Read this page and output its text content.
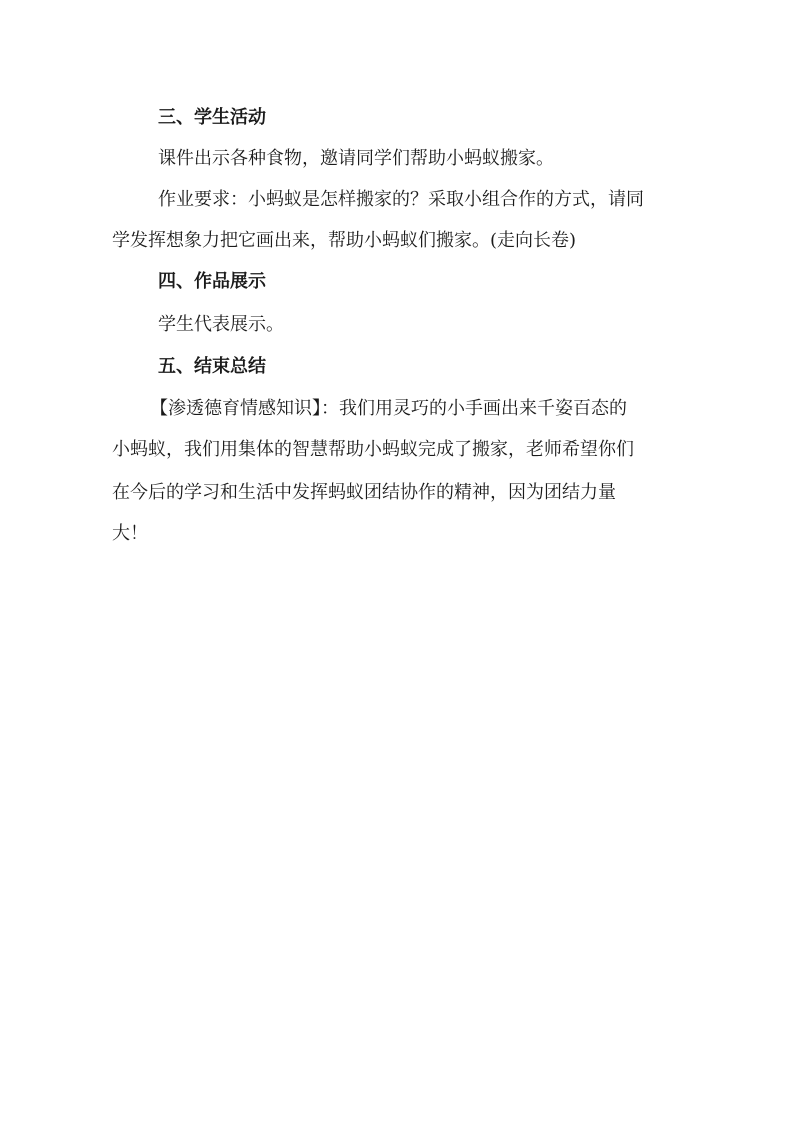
三、学生活动
课件出示各种食物，邀请同学们帮助小蚂蚁搬家。
作业要求：小蚂蚁是怎样搬家的？采取小组合作的方式，请同
学发挥想象力把它画出来，帮助小蚂蚁们搬家。(走向长卷)
四、作品展示
学生代表展示。
五、结束总结
【渗透德育情感知识】：我们用灵巧的小手画出来千姿百态的
小蚂蚁，我们用集体的智慧帮助小蚂蚁完成了搬家，老师希望你们
在今后的学习和生活中发挥蚂蚁团结协作的精神，因为团结力量
大！
